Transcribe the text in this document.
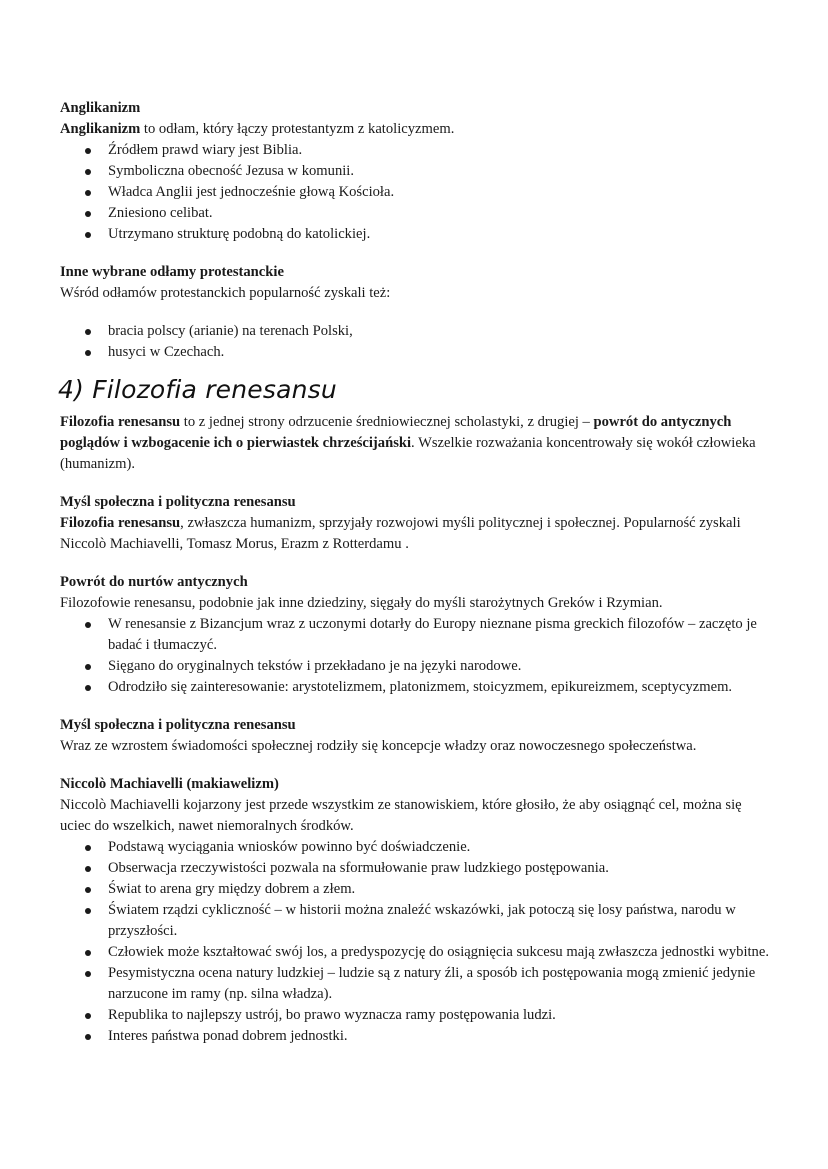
Anglikanizm

Anglikanizm to odłam, który łączy protestantyzm z katolicyzmem.

Źródłem prawd wiary jest Biblia.
Symboliczna obecność Jezusa w komunii.
Władca Anglii jest jednocześnie głową Kościoła.
Zniesiono celibat.
Utrzymano strukturę podobną do katolickiej.

Inne wybrane odłamy protestanckie

Wśród odłamów protestanckich popularność zyskali też:

bracia polscy (arianie) na terenach Polski,
husyci w Czechach.
4) Filozofia renesansu

Filozofia renesansu to z jednej strony odrzucenie średniowiecznej scholastyki, z drugiej – powrót do antycznych poglądów i wzbogacenie ich o pierwiastek chrześcijański. Wszelkie rozważania koncentrowały się wokół człowieka (humanizm).

Myśl społeczna i polityczna renesansu

Filozofia renesansu, zwłaszcza humanizm, sprzyjały rozwojowi myśli politycznej i społecznej. Popularność zyskali Niccolò Machiavelli, Tomasz Morus, Erazm z Rotterdamu .

Powrót do nurtów antycznych

Filozofowie renesansu, podobnie jak inne dziedziny, sięgały do myśli starożytnych Greków i Rzymian.

W renesansie z Bizancjum wraz z uczonymi dotarły do Europy nieznane pisma greckich filozofów – zaczęto je badać i tłumaczyć.
Sięgano do oryginalnych tekstów i przekładano je na języki narodowe.
Odrodziło się zainteresowanie: arystotelizmem, platonizmem, stoicyzmem, epikureizmem, sceptycyzmem.

Myśl społeczna i polityczna renesansu

Wraz ze wzrostem świadomości społecznej rodziły się koncepcje władzy oraz nowoczesnego społeczeństwa.

Niccolò Machiavelli (makiawelizm)

Niccolò Machiavelli kojarzony jest przede wszystkim ze stanowiskiem, które głosiło, że aby osiągnąć cel, można się uciec do wszelkich, nawet niemoralnych środków.

Podstawą wyciągania wniosków powinno być doświadczenie.
Obserwacja rzeczywistości pozwala na sformułowanie praw ludzkiego postępowania.
Świat to arena gry między dobrem a złem.
Światem rządzi cykliczność – w historii można znaleźć wskazówki, jak potoczą się losy państwa, narodu w przyszłości.
Człowiek może kształtować swój los, a predyspozycję do osiągnięcia sukcesu mają zwłaszcza jednostki wybitne.
Pesymistyczna ocena natury ludzkiej – ludzie są z natury źli, a sposób ich postępowania mogą zmienić jedynie narzucone im ramy (np. silna władza).
Republika to najlepszy ustrój, bo prawo wyznacza ramy postępowania ludzi.
Interes państwa ponad dobrem jednostki.
